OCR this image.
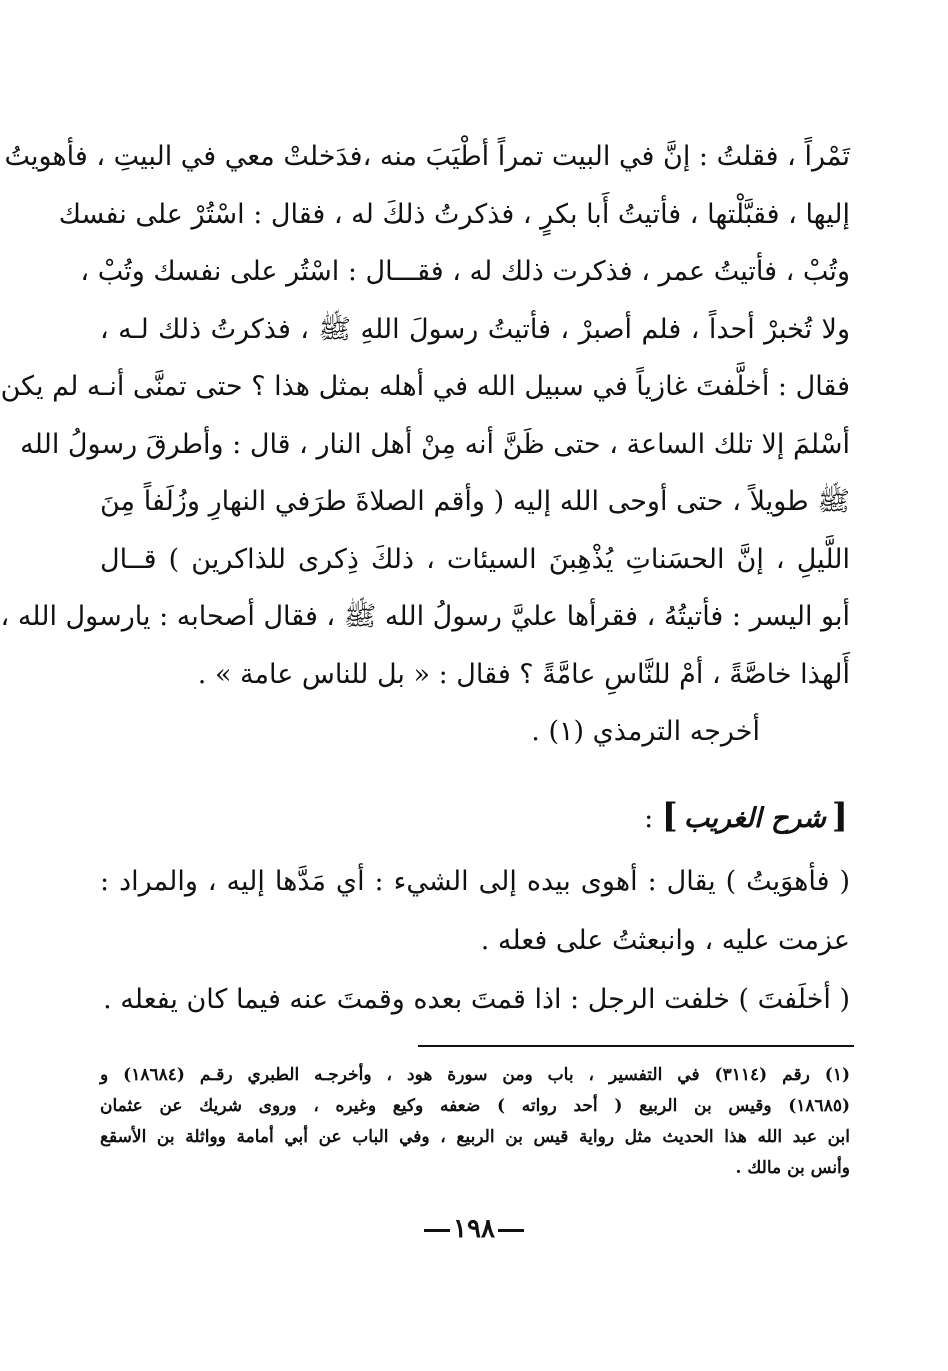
تَمْراً ، فقلتُ : إنَّ في البيت تمراً أطْيَبَ منه ،فدَخلتْ معي في البيتِ ، فأهويتُ
إليها ، فقبَّلْتها ، فأتيتُ أَبا بكرٍ ، فذكرتُ ذلكَ له ، فقال : اسْتُرْ على نفسك
وتُبْ ، فأتيتُ عمر ، فذكرت ذلك له ، فقـــال : اسْتُر على نفسك وتُبْ ،
ولا تُخبرْ أحداً ، فلم أصبرْ ، فأتيتُ رسولَ اللهِ ﷺ ، فذكرتُ ذلك لـه ،
فقال : أخلَّفتَ غازياً في سبيل الله في أهله بمثل هذا ؟ حتى تمنَّى أنـه لم يكن
أسْلمَ إلا تلك الساعة ، حتى ظَنَّ أنه مِنْ أهل النار ، قال : وأطرقَ رسولُ الله
ﷺ طويلاً ، حتى أوحى الله إليه ( وأقم الصلاةَ طرَفي النهارِ وزُلَفاً مِنَ
اللَّيلِ ، إنَّ الحسَناتِ يُذْهِبنَ السيئات ، ذلكَ ذِكرى للذاكرين ) قــال
أبو اليسر : فأتيتُهُ ، فقرأها عليَّ رسولُ الله ﷺ ، فقال أصحابه : يارسول الله ،
أَلهذا خاصَّةً ، أمْ للنَّاسِ عامَّةً ؟ فقال : « بل للناس عامة » .
أخرجه الترمذي (١) .
[شرح الغريب] :
( فأهوَيتُ ) يقال : أهوى بيده إلى الشيء : أي مَدَّها إليه ، والمراد :
عزمت عليه ، وانبعثتُ على فعله .
( أخلَفتَ ) خلفت الرجل : اذا قمتَ بعده وقمتَ عنه فيما كان يفعله .
(١) رقم (٣١١٤) في التفسير ، باب ومن سورة هود ، وأخرجـه الطبري رقـم (١٨٦٨٤) و
(١٨٦٨٥) وقيس بن الربيع ( أحد رواته ) ضعفه وكيع وغيره ، وروى شريك عن عثمان
ابن عبد الله هذا الحديث مثل رواية قيس بن الربيع ، وفي الباب عن أبي أمامة وواثلة بن الأسقع
وأنس بن مالك .
١٩٨
